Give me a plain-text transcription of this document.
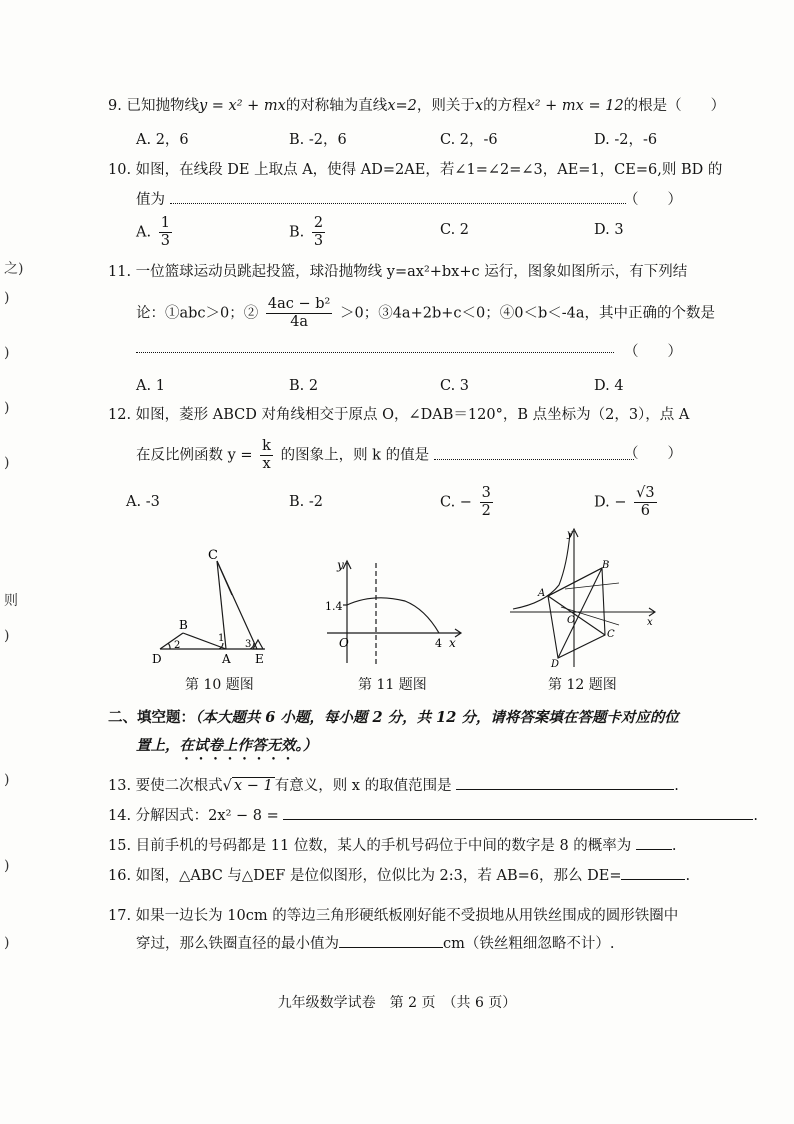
之)
)
)
)
)
则
)
)
)
)
9. 已知抛物线y = x² + mx的对称轴为直线x=2，则关于x的方程x² + mx = 12的根是（　　）
A. 2，6	B. -2，6	C. 2，-6	D. -2，-6
10. 如图，在线段 DE 上取点 A，使得 AD=2AE，若∠1=∠2=∠3，AE=1，CE=6,则 BD 的
值为	（　　）
A. $\frac{1}{3}$	B. $\frac{2}{3}$	C. 2	D. 3
11. 一位篮球运动员跳起投篮，球沿抛物线 y=ax²+bx+c 运行，图象如图所示，有下列结
论：①abc＞0；② $\frac{\text{4ac − b²}}{4a} >0$；③4a+2b+c＜0；④0＜b＜-4a，其中正确的个数是
（　　）
A. 1	B. 2	C. 3	D. 4
12. 如图，菱形 ABCD 对角线相交于原点 O，∠DAB＝120°，B 点坐标为（2，3），点 A
在反比例函数 $y = \frac{k}{x}$ 的图象上，则 k 的值是	（　　）
A. -3	B. -2	C. − $\frac{3}{2}$	D. − $\frac{√3}{6}$
C
B
D	A E
1
2	3
第 10 题图
y
x
O
1.4
4
第 11 题图
y
x
A
B
C
D
O
第 12 题图
二、填空题：（本大题共 6 小题，每小题 2 分，共 12 分，请将答案填在答题卡对应的位
置上，在试卷上作答无效。）
13. 要使二次根式√ x − 1 有意义，则 x 的取值范围是	.
14. 分解因式：2x² − 8 =	.
15. 目前手机的号码都是 11 位数，某人的手机号码位于中间的数字是 8 的概率为	.
16. 如图，△ABC 与△DEF 是位似图形，位似比为 2:3，若 AB=6，那么 DE=	.
17. 如果一边长为 10cm 的等边三角形硬纸板刚好能不受损地从用铁丝围成的圆形铁圈中
穿过，那么铁圈直径的最小值为	cm（铁丝粗细忽略不计）.
九年级数学试卷　第 2 页　（共 6 页）
